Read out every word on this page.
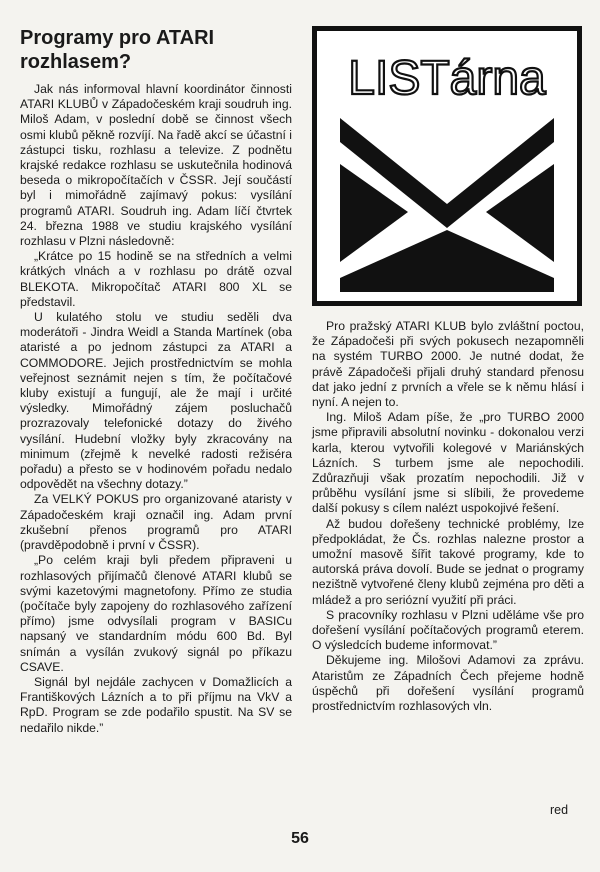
Programy pro ATARI
rozhlasem?

Jak nás informoval hlavní koordinátor činnosti ATARI KLUBŮ v Západočeském kraji soudruh ing. Miloš Adam, v poslední době se činnost všech osmi klubů pěkně rozvíjí. Na řadě akcí se účastní i zástupci tisku, rozhlasu a televize. Z podnětu krajské redakce rozhlasu se uskutečnila hodinová beseda o mikropočítačích v ČSSR. Její součástí byl i mimořádně zajímavý pokus: vysílání programů ATARI. Soudruh ing. Adam líčí čtvrtek 24. března 1988 ve studiu krajského vysílání rozhlasu v Plzni následovně:

„Krátce po 15 hodině se na středních a velmi krátkých vlnách a v rozhlasu po drátě ozval BLEKOTA. Mikropočítač ATARI 800 XL se představil.

U kulatého stolu ve studiu seděli dva moderátoři - Jindra Weidl a Standa Martínek (oba ataristé a po jednom zástupci za ATARI a COMMODORE. Jejich prostřednictvím se mohla veřejnost seznámit nejen s tím, že počítačové kluby existují a fungují, ale že mají i určité výsledky. Mimořádný zájem posluchačů prozrazovaly telefonické dotazy do živého vysílání. Hudební vložky byly zkracovány na minimum (zřejmě k nevelké radosti režiséra pořadu) a přesto se v hodinovém pořadu nedalo odpovědět na všechny dotazy.”

Za VELKÝ POKUS pro organizované ataristy v Západočeském kraji označil ing. Adam první zkušební přenos programů pro ATARI (pravděpodobně i první v ČSSR).

„Po celém kraji byli předem připraveni u rozhlasových přijímačů členové ATARI klubů se svými kazetovými magnetofony. Přímo ze studia (počítače byly zapojeny do rozhlasového zařízení přímo) jsme odvysílali program v BASICu napsaný ve standardním módu 600 Bd. Byl snímán a vysílán zvukový signál po příkazu CSAVE.

Signál byl nejdále zachycen v Domažlicích a Františkových Lázních a to při příjmu na VkV a RpD. Program se zde podařilo spustit. Na SV se nedařilo nikde.”

LISTárna

Pro pražský ATARI KLUB bylo zvláštní poctou, že Západočeši při svých pokusech nezapomněli na systém TURBO 2000. Je nutné dodat, že právě Západočeši přijali druhý standard přenosu dat jako jední z prvních a vřele se k němu hlásí i nyní. A nejen to.

Ing. Miloš Adam píše, že „pro TURBO 2000 jsme připravili absolutní novinku - dokonalou verzi karla, kterou vytvořili kolegové v Mariánských Lázních. S turbem jsme ale nepochodili. Zdůrazňuji však prozatím nepochodili. Již v průběhu vysílání jsme si slíbili, že provedeme další pokusy s cílem nalézt uspokojivé řešení.

Až budou dořešeny technické problémy, lze předpokládat, že Čs. rozhlas nalezne prostor a umožní masově šířit takové programy, kde to autorská práva dovolí. Bude se jednat o programy nezištně vytvořené členy klubů zejména pro děti a mládež a pro seriózní využití při práci.

S pracovníky rozhlasu v Plzni uděláme vše pro dořešení vysílání počítačových programů eterem. O výsledcích budeme informovat.”

Děkujeme ing. Milošovi Adamovi za zprávu. Ataristům ze Západních Čech přejeme hodně úspěchů při dořešení vysílání programů prostřednictvím rozhlasových vln.

red

56
